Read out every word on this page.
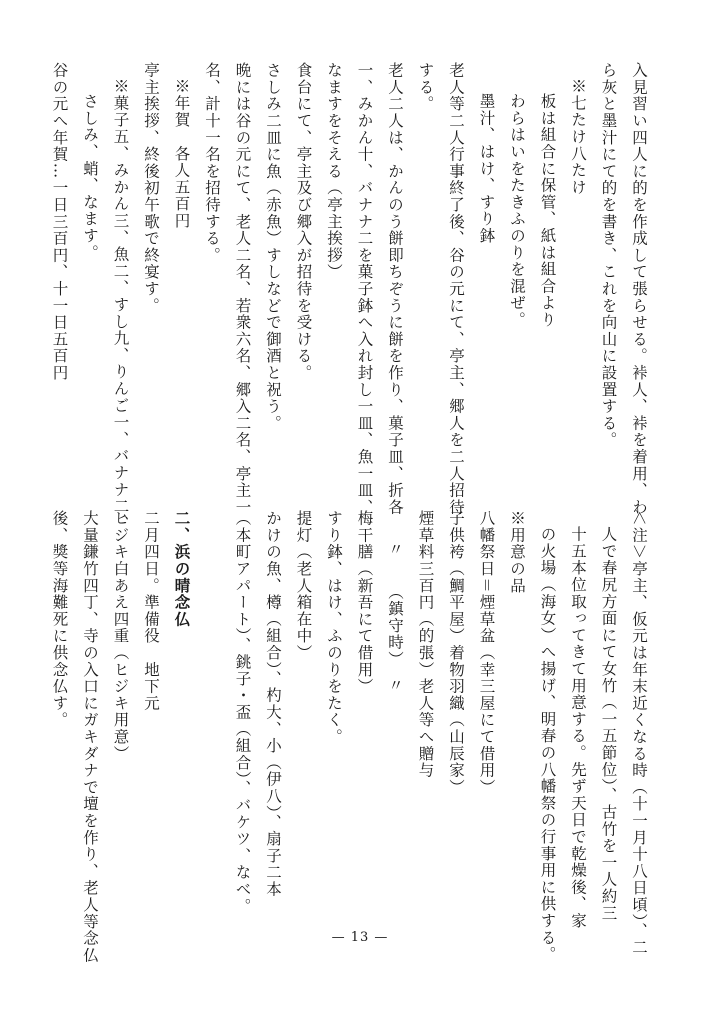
入見習い四人に的を作成して張らせる。裃人、裃を着用、わ
ら灰と墨汁にて的を書き、これを向山に設置する。
※七たけ八たけ
板は組合に保管、紙は組合より
わらはいをたきふのりを混ぜ。
墨汁、はけ、すり鉢
老人等二人行事終了後、谷の元にて、亭主、郷人を二人招待
する。
老人二人は、かんのう餅即ちぞうに餅を作り、菓子皿、折各
一、みかん十、バナナ二を菓子鉢へ入れ封し一皿、魚一皿、
なますをそえる（亭主挨拶）
食台にて、亭主及び郷入が招待を受ける。
さしみ二皿に魚（赤魚）すしなどで御酒と祝う。
晩には谷の元にて、老人二名、若衆六名、郷入二名、亭主一
名、計十一名を招待する。
※年賀　各人五百円
亭主挨拶、終後初午歌で終宴す。
※菓子五、みかん三、魚二、すし九、りんご一、バナナ二、
さしみ、蛸、なます。
谷の元へ年賀…一日三百円、十一日五百円
＜注＞亭主、仮元は年末近くなる時（十一月十八日頃）、二
人で春尻方面にて女竹（一五節位）、古竹を一人約三
十五本位取ってきて用意する。先ず天日で乾燥後、家
の火場（海女）へ揚げ、明春の八幡祭の行事用に供する。
※用意の品
八幡祭日＝煙草盆（幸三屋にて借用）
子供袴（鯛平屋）着物羽織（山辰家）
煙草料三百円（的張）老人等へ贈与
〃　　（鎮守時）　〃
梅干膳（新吾にて借用）
すり鉢、はけ、ふのりをたく。
提灯（老人箱在中）
かけの魚、樽（組合）、杓大、小（伊八）、扇子二本
（本町アパート）、銚子・盃（組合）、バケツ、なべ。

二、浜の晴念仏
二月四日。準備役　地下元
ヒジキ白あえ四重（ヒジキ用意）
大量鎌竹四丁、寺の入口にガキダナで壇を作り、老人等念仏
後、獎等海難死に供念仏す。
— 13 —
